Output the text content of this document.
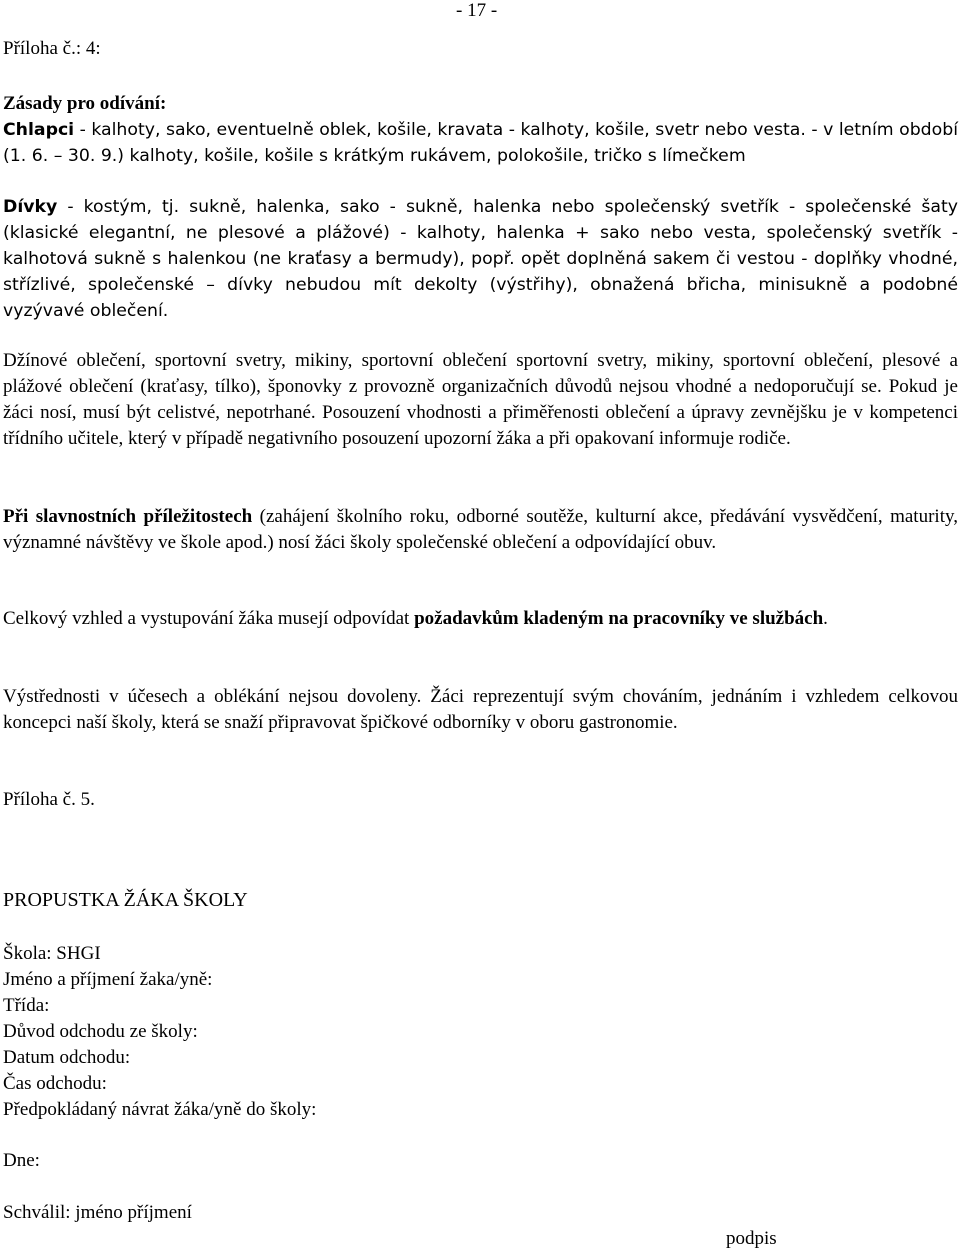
- 17 -
Příloha č.: 4:
Zásady pro odívání:
Chlapci - kalhoty, sako, eventuelně oblek, košile, kravata - kalhoty, košile, svetr nebo vesta. - v letním období (1. 6. – 30. 9.) kalhoty, košile, košile s krátkým rukávem, polokošile, tričko s límečkem
Dívky - kostým, tj. sukně, halenka, sako - sukně, halenka nebo společenský svetřík - společenské šaty (klasické elegantní, ne plesové a plážové) - kalhoty, halenka + sako nebo vesta, společenský svetřík - kalhotová sukně s halenkou (ne kraťasy a bermudy), popř. opět doplněná sakem či vestou - doplňky vhodné, střízlivé, společenské – dívky nebudou mít dekolty (výstřihy), obnažená břicha, minisukně a podobné vyzývavé oblečení.
Džínové oblečení, sportovní svetry, mikiny, sportovní oblečení sportovní svetry, mikiny, sportovní oblečení, plesové a plážové oblečení (kraťasy, tílko), šponovky z provozně organizačních důvodů nejsou vhodné a nedoporučují se. Pokud je žáci nosí, musí být celistvé, nepotrhané. Posouzení vhodnosti a přiměřenosti oblečení a úpravy zevnějšku je v kompetenci třídního učitele, který v případě negativního posouzení upozorní žáka a při opakovaní informuje rodiče.
Při slavnostních příležitostech (zahájení školního roku, odborné soutěže, kulturní akce, předávání vysvědčení, maturity, významné návštěvy ve škole apod.) nosí žáci školy společenské oblečení a odpovídající obuv.
Celkový vzhled a vystupování žáka musejí odpovídat požadavkům kladeným na pracovníky ve službách.
Výstřednosti v účesech a oblékání nejsou dovoleny. Žáci reprezentují svým chováním, jednáním i vzhledem celkovou koncepci naší školy, která se snaží připravovat špičkové odborníky v oboru gastronomie.
Příloha č. 5.
PROPUSTKA ŽÁKA ŠKOLY
Škola: SHGI
Jméno a příjmení žaka/yně:
Třída:
Důvod odchodu ze školy:
Datum odchodu:
Čas odchodu:
Předpokládaný návrat žáka/yně do školy:
Dne:
Schválil: jméno příjmení
podpis
